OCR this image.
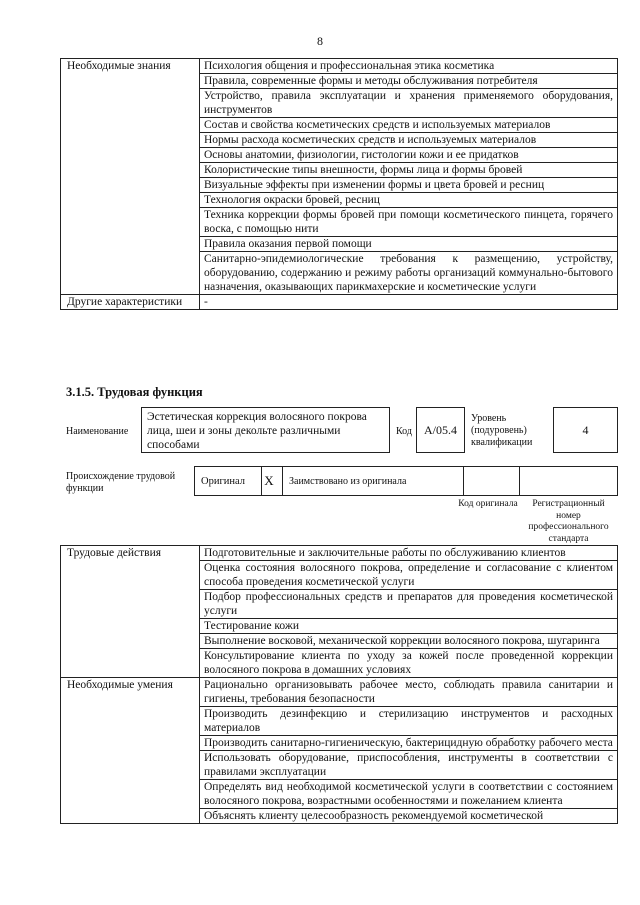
8
Необходимые знания	Психология общения и профессиональная этика косметика
	Правила, современные формы и методы обслуживания потребителя
	Устройство, правила эксплуатации и хранения применяемого оборудования, инструментов
	Состав и свойства косметических средств и используемых материалов
	Нормы расхода косметических средств и используемых материалов
	Основы анатомии, физиологии, гистологии кожи и ее придатков
	Колористические типы внешности, формы лица и формы бровей
	Визуальные эффекты при изменении формы и цвета бровей и ресниц
	Технология окраски бровей, ресниц
	Техника коррекции формы бровей при помощи косметического пинцета, горячего воска, с помощью нити
	Правила оказания первой помощи
	Санитарно-эпидемиологические требования к размещению, устройству, оборудованию, содержанию и режиму работы организаций коммунально-бытового назначения, оказывающих парикмахерские и косметические услуги
Другие характеристики	-
3.1.5. Трудовая функция
Наименование
Эстетическая коррекция волосяного покрова лица, шеи и зоны декольте различными способами
Код	А/05.4
Уровень (подуровень) квалификации
4
Происхождение трудовой функции
Оригинал	X	Заимствовано из оригинала
Код оригинала	Регистрационный номер профессионального стандарта
Трудовые действия	Подготовительные и заключительные работы по обслуживанию клиентов
	Оценка состояния волосяного покрова, определение и согласование с клиентом способа проведения косметической услуги
	Подбор профессиональных средств и препаратов для проведения косметической услуги
	Тестирование кожи
	Выполнение восковой, механической коррекции волосяного покрова, шугаринга
	Консультирование клиента по уходу за кожей после проведенной коррекции волосяного покрова в домашних условиях
Необходимые умения	Рационально организовывать рабочее место, соблюдать правила санитарии и гигиены, требования безопасности
	Производить дезинфекцию и стерилизацию инструментов и расходных материалов
	Производить санитарно-гигиеническую, бактерицидную обработку рабочего места
	Использовать оборудование, приспособления, инструменты в соответствии с правилами эксплуатации
	Определять вид необходимой косметической услуги в соответствии с состоянием волосяного покрова, возрастными особенностями и пожеланием клиента
	Объяснять клиенту целесообразность рекомендуемой косметической
